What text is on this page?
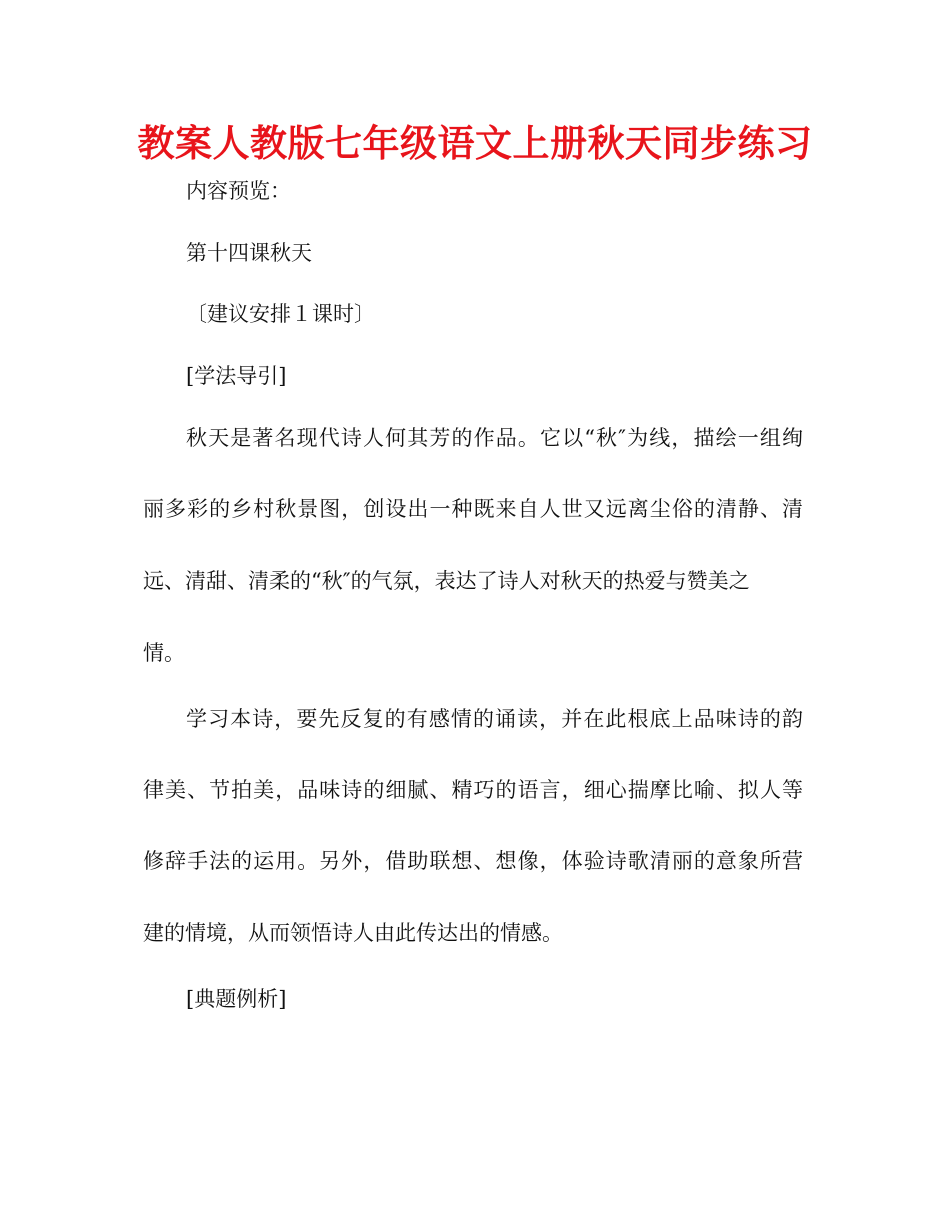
教案人教版七年级语文上册秋天同步练习
内容预览：
第十四课秋天
〔建议安排１课时〕
[学法导引]
秋天是著名现代诗人何其芳的作品。它以“秋″为线，描绘一组绚
丽多彩的乡村秋景图，创设出一种既来自人世又远离尘俗的清静、清
远、清甜、清柔的“秋″的气氛，表达了诗人对秋天的热爱与赞美之
情。
学习本诗，要先反复的有感情的诵读，并在此根底上品味诗的韵
律美、节拍美，品味诗的细腻、精巧的语言，细心揣摩比喻、拟人等
修辞手法的运用。另外，借助联想、想像，体验诗歌清丽的意象所营
建的情境，从而领悟诗人由此传达出的情感。
[典题例析]
